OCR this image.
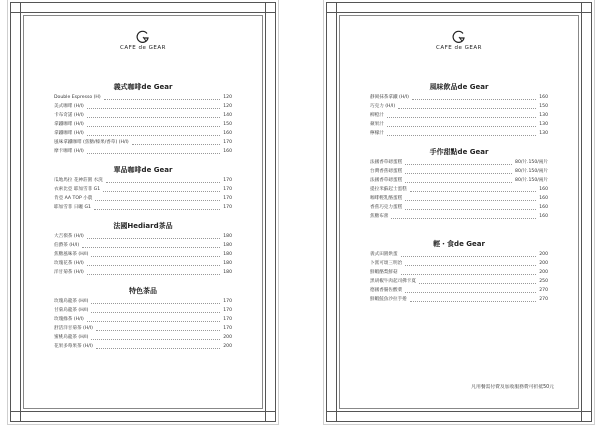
CAFE de GEAR
義式咖啡de Gear
Double Espresso (H)	120
美式咖啡 (H/I)	120
卡布奇諾 (H/I)	140
拿鐵咖啡 (H/I)	150
拿鐵咖啡 (H/I)	160
風味拿鐵咖啡 (焦糖/榛果/香草) (H/I)	170
摩卡咖啡 (H/I)	160
單品咖啡de Gear
瓜地馬拉 花神莊園 水洗	170
衣索比亞 耶加雪菲 G1	170
肯亞 AA TOP 小農	170
耶加雪菲 日曬 G1	170
法國Hediard茶品
大吉嶺茶 (H/I)	180
伯爵茶 (H/I)	180
焦糖風味茶 (H/I)	180
玫瑰花茶 (H/I)	180
洋甘菊茶 (H/I)	180
特色茶品
玫瑰烏龍茶 (H/I)	170
甘菊烏龍茶 (H/I)	170
玫瑰綠茶 (H/I)	170
舒活洋甘菊茶 (H/I)	170
蜜桃烏龍茶 (H/I)	200
花果多莓果茶 (H/I)	200
CAFE de GEAR
風味飲品de Gear
靜岡抹茶拿鐵 (H/I)	160
巧克力 (H/I)	150
柳橙汁	130
蘋果汁	130
檸檬汁	130
手作甜點de Gear
法國香草磅蛋糕	80/片.150/兩片
台灣香蕉磅蛋糕	80/片.150/兩片
法國香草磅蛋糕	80/片.150/兩片
提拉米蘇起士蛋糕	160
咖啡輕乳酪蛋糕	160
香蕉巧克力蛋糕	160
焦糖布蕾	160
輕・食de Gear
義式田園烘蛋	200
卜派可頌三明治	200
鮮蝦酪梨鮮菇	200
黑胡椒牛肉起司佛卡夏	250
德國香腸佐酸菜	270
鮮蝦鮭魚沙拉手捲	270
凡用餐需付費及加收服務費可折抵50元
